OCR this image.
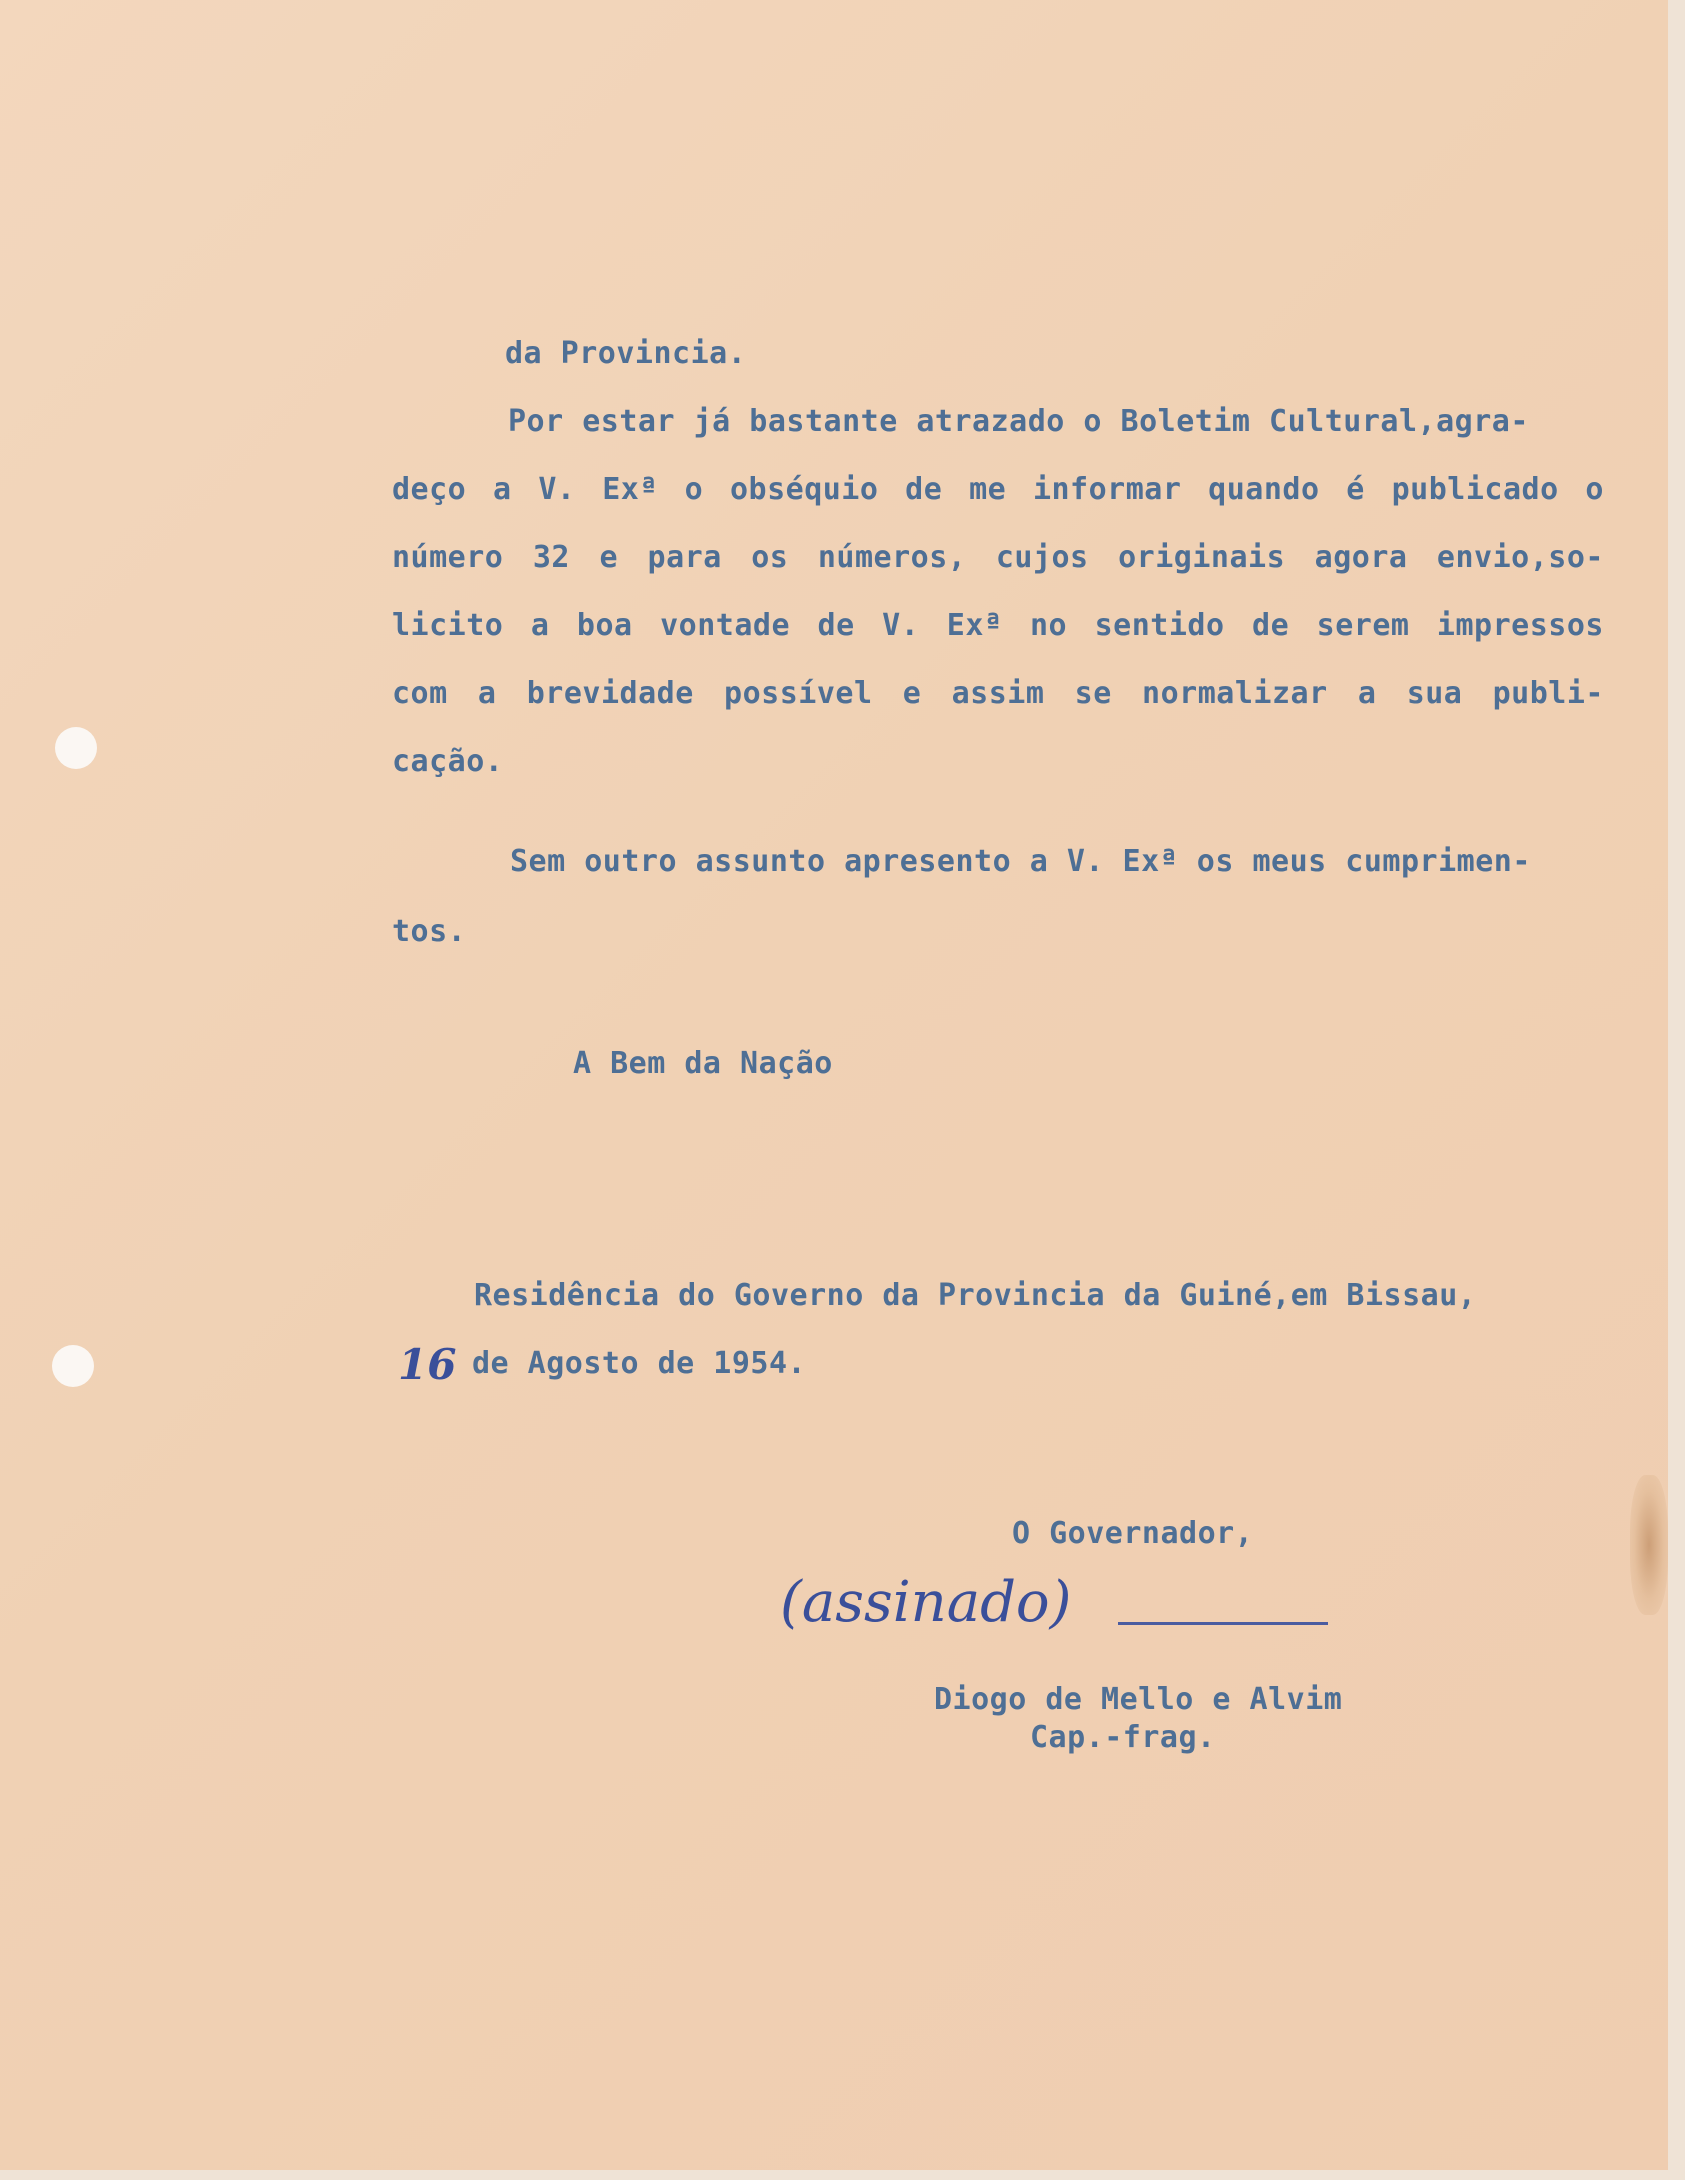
da Provincia.
Por estar já bastante atrazado o Boletim Cultural,agra-
deço a V. Exª o obséquio de me informar quando é publicado o
número 32 e para os números, cujos originais agora envio,so-
licito a boa vontade de V. Exª no sentido de serem impressos
com a brevidade possível e assim se normalizar a sua publi-
cação.
Sem outro assunto apresento a V. Exª os meus cumprimen-
tos.
A Bem da Nação
Residência do Governo da Provincia da Guiné,em Bissau,
16 de Agosto de 1954.
O Governador,
(assinado)
Diogo de Mello e Alvim
Cap.-frag.
